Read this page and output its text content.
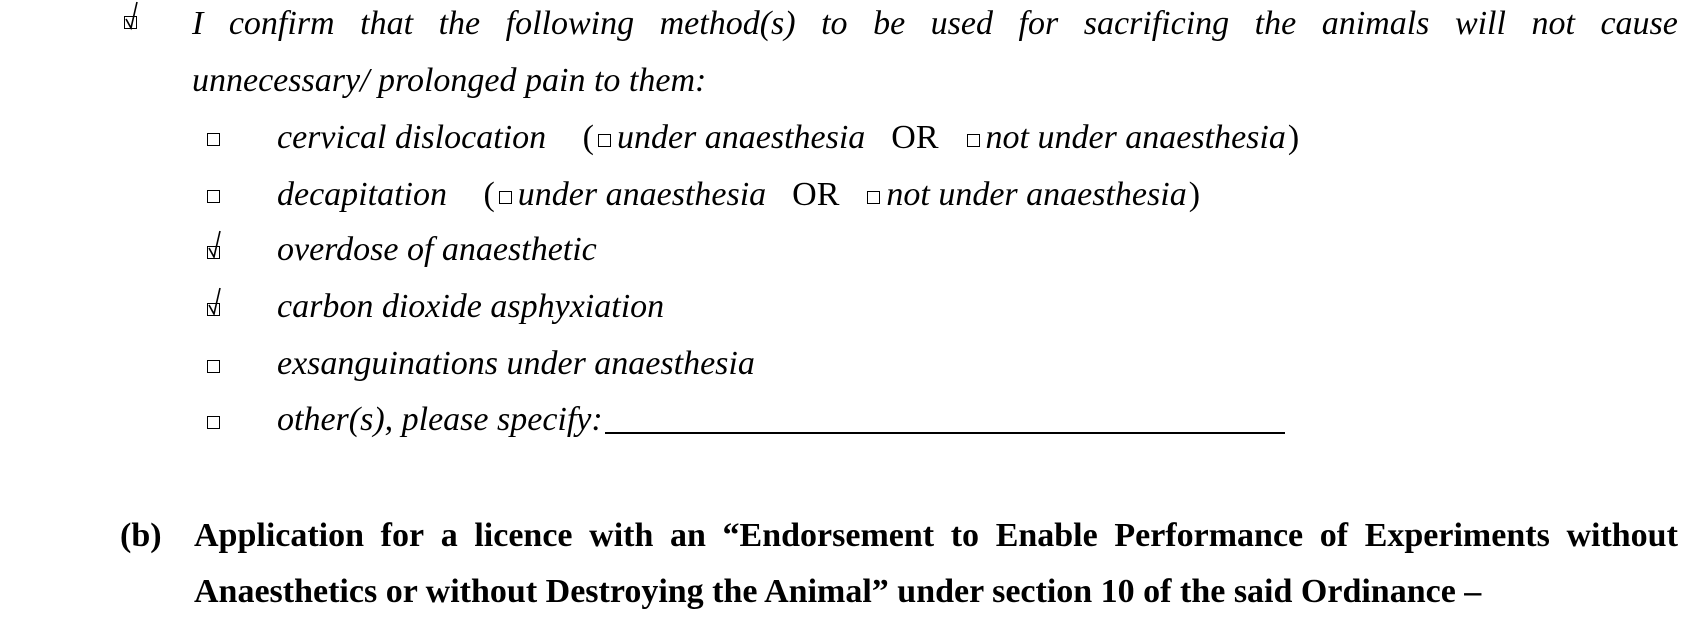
I confirm that the following method(s) to be used for sacrificing the animals will not cause
unnecessary/ prolonged pain to them:
cervical dislocation ( under anaesthesia OR not under anaesthesia)
decapitation ( under anaesthesia OR not under anaesthesia)
overdose of anaesthetic
carbon dioxide asphyxiation
exsanguinations under anaesthesia
other(s), please specify:
(b) Application for a licence with an “Endorsement to Enable Performance of Experiments without
Anaesthetics or without Destroying the Animal” under section 10 of the said Ordinance –
